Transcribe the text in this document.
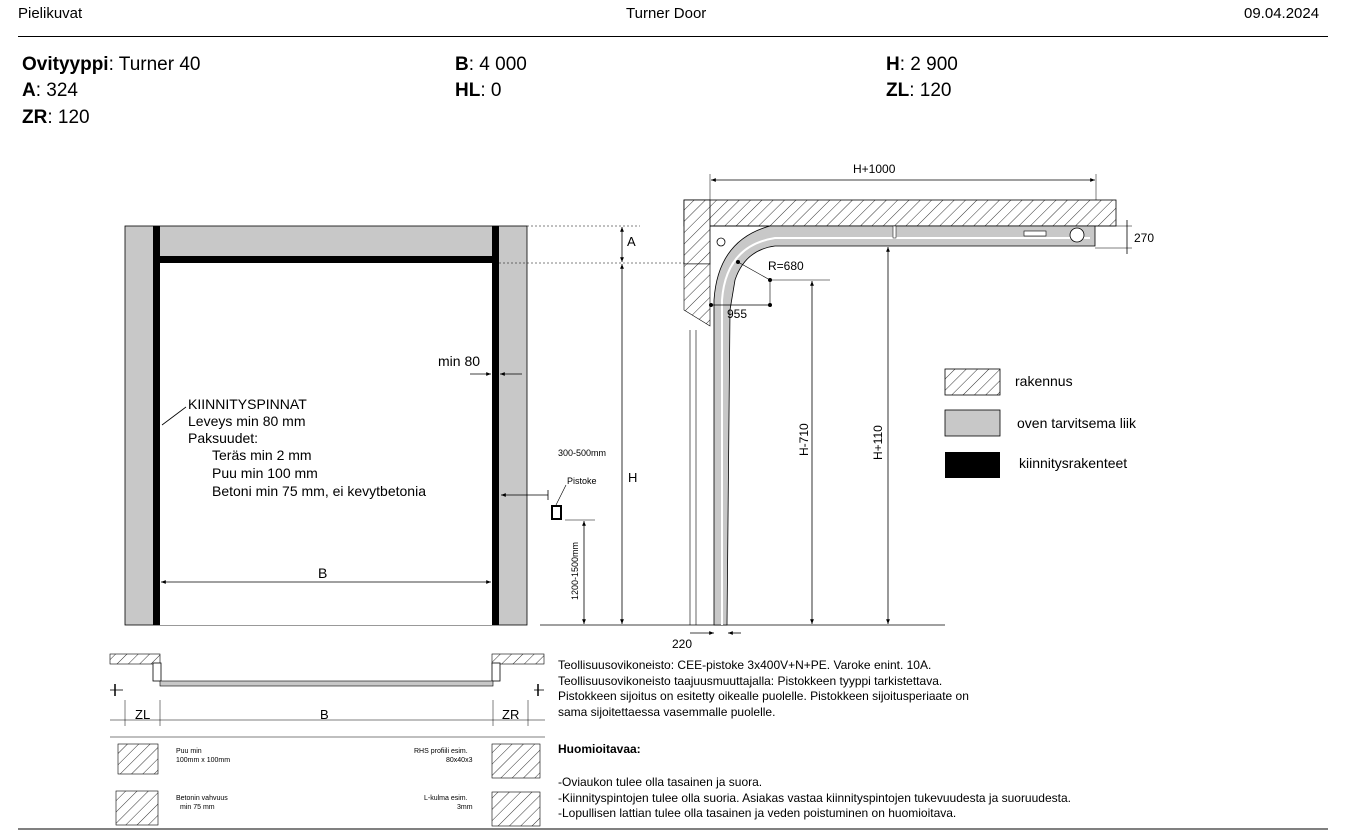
Pielikuvat	Turner Door	09.04.2024
Ovityyppi: Turner 40
A: 324
ZR: 120
B: 4 000
HL: 0
H: 2 900
ZL: 120
min 80
KIINNITYSPINNAT
Leveys min 80 mm
Paksuudet:
Teräs min 2 mm
Puu min 100 mm
Betoni min 75 mm, ei kevytbetonia
B
300-500mm
Pistoke
1200-1500mm
A
H
H+1000
270
R=680
955
H-710	H+110
220
rakennus
oven tarvitsema liik
kiinnitysrakenteet
ZL	B	ZR
Puu min
100mm x 100mm
Betonin vahvuus
min 75 mm
RHS profiili esim.
80x40x3
L-kulma esim.
3mm
Teollisuusovikoneisto: CEE-pistoke 3x400V+N+PE. Varoke enint. 10A.
Teollisuusovikoneisto taajuusmuuttajalla: Pistokkeen tyyppi tarkistettava.
Pistokkeen sijoitus on esitetty oikealle puolelle. Pistokkeen sijoitusperiaate on
sama sijoitettaessa vasemmalle puolelle.
Huomioitavaa:
-Oviaukon tulee olla tasainen ja suora.
-Kiinnityspintojen tulee olla suoria. Asiakas vastaa kiinnityspintojen tukevuudesta ja suoruudesta.
-Lopullisen lattian tulee olla tasainen ja veden poistuminen on huomioitava.
